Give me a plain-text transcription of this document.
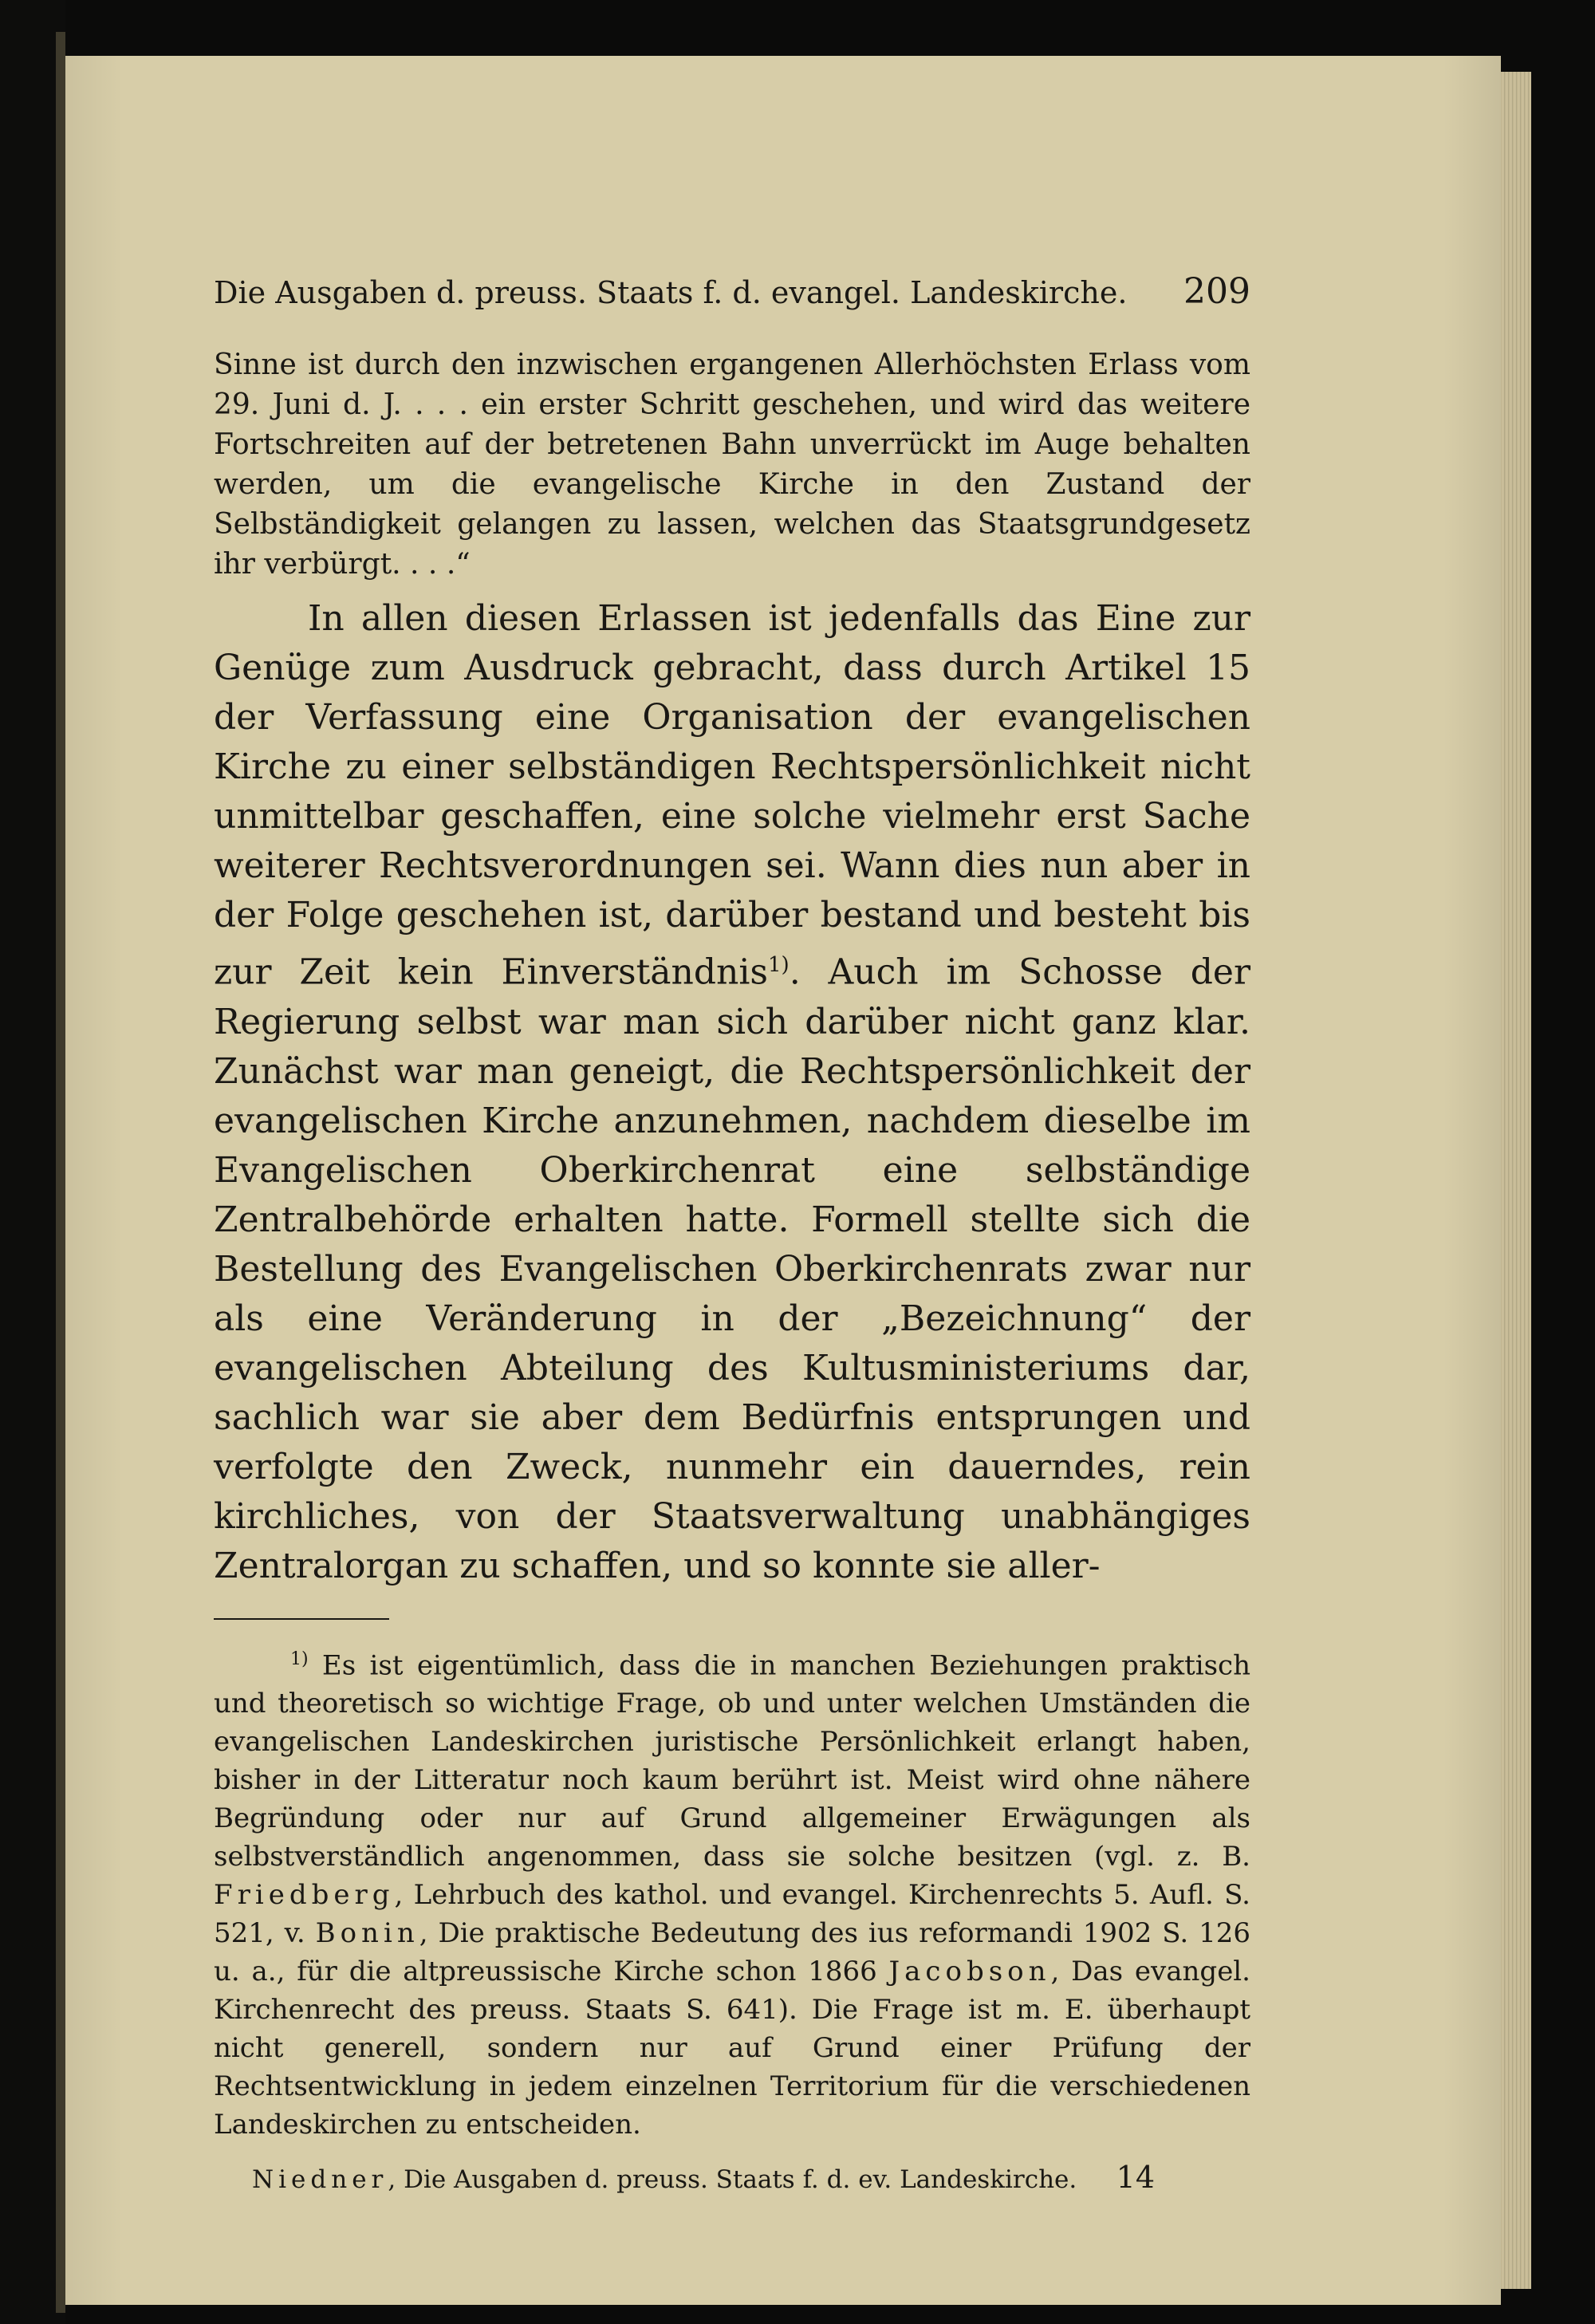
Die Ausgaben d. preuss. Staats f. d. evangel. Landeskirche. 209

Sinne ist durch den inzwischen ergangenen Allerhöchsten Erlass vom 29. Juni d. J. . . . ein erster Schritt geschehen, und wird das weitere Fortschreiten auf der betretenen Bahn unverrückt im Auge behalten werden, um die evangelische Kirche in den Zustand der Selbständigkeit gelangen zu lassen, welchen das Staatsgrundgesetz ihr verbürgt. . . .“

In allen diesen Erlassen ist jedenfalls das Eine zur Genüge zum Ausdruck gebracht, dass durch Artikel 15 der Verfassung eine Organisation der evangelischen Kirche zu einer selbständigen Rechtspersönlichkeit nicht unmittelbar geschaffen, eine solche vielmehr erst Sache weiterer Rechtsverordnungen sei. Wann dies nun aber in der Folge geschehen ist, darüber bestand und besteht bis zur Zeit kein Einverständnis$^{1)}$. Auch im Schosse der Regierung selbst war man sich darüber nicht ganz klar. Zunächst war man geneigt, die Rechtspersönlichkeit der evangelischen Kirche anzunehmen, nachdem dieselbe im Evangelischen Oberkirchenrat eine selbständige Zentralbehörde erhalten hatte. Formell stellte sich die Bestellung des Evangelischen Oberkirchenrats zwar nur als eine Veränderung in der „Bezeichnung“ der evangelischen Abteilung des Kultusministeriums dar, sachlich war sie aber dem Bedürfnis entsprungen und verfolgte den Zweck, nunmehr ein dauerndes, rein kirchliches, von der Staatsverwaltung unabhängiges Zentralorgan zu schaffen, und so konnte sie aller-

$^{1)}$ Es ist eigentümlich, dass die in manchen Beziehungen praktisch und theoretisch so wichtige Frage, ob und unter welchen Umständen die evangelischen Landeskirchen juristische Persönlichkeit erlangt haben, bisher in der Litteratur noch kaum berührt ist. Meist wird ohne nähere Begründung oder nur auf Grund allgemeiner Erwägungen als selbstverständlich angenommen, dass sie solche besitzen (vgl. z. B. Friedberg, Lehrbuch des kathol. und evangel. Kirchenrechts 5. Aufl. S. 521, v. Bonin, Die praktische Bedeutung des ius reformandi 1902 S. 126 u. a., für die altpreussische Kirche schon 1866 Jacobson, Das evangel. Kirchenrecht des preuss. Staats S. 641). Die Frage ist m. E. überhaupt nicht generell, sondern nur auf Grund einer Prüfung der Rechtsentwicklung in jedem einzelnen Territorium für die verschiedenen Landeskirchen zu entscheiden.

Niedner, Die Ausgaben d. preuss. Staats f. d. ev. Landeskirche. 14
